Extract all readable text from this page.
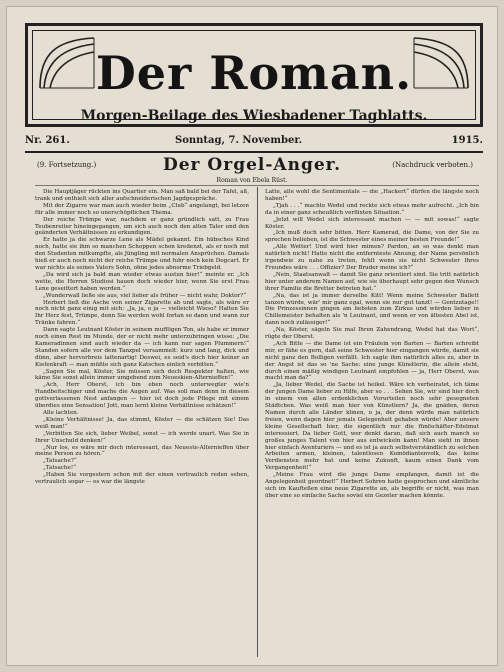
Der Roman.
Morgen-Beilage des Wiesbadener Tagblatts.
Nr. 261.	Sonntag, 7. November.	1915.
(9. Fortsetzung.)	(Nachdruck verboten.)
Der Orgel-Anger.
Roman von Ebela Rüst.

Die Hauptjäger rückten ins Quartier ein. Man saß bald bei der Tafel, aß, trank und enthielt sich aller aufschneiderischen Jagdgespräche.

Mit der Zigarre war man auch wieder beim „Club“ angelangt, bei letzen für alle immer noch so unerschöpflichen Thema.

Der reiche Trümpe war, nachdem er ganz gründlich satt, zu Frau Teubenreiter hineingegangen, um sich auch noch den alten Taler und den geänderten Verhältnissen zu erkundigen.

Er hatte ja die schwarze Lene als Mädel gekannt. Ein hübsches Kind noch, hatte sie ihm so manchen Schoppen schon kredenzt, als er noch mit den Studenten mitkumpfte, als Jüngling mit normalen Ansprüchen. Damals hieß er auch noch nicht der reiche Trümpe und fuhr noch kein Dogcart. Er war nichts als seines Vaters Sohn, ohne jedes abnorme Triebgeld.

„Da wird sich ja bald man wieder etwas austun hier!“ meinte er. „Ich wette, die Herren Studiosi hauen doch wieder hier, wenn Sie erst Frau Lene geseittert haben werden.“

„Wunderwall ließe sie aus, viel lieber als früher — nicht wahr, Doktor?“

Herbert ließ die Asche von seiner Zigarette ab und sagte, als wäre er noch nicht ganz einig mit sich: „Ja, ja, o ja — vielleicht Wieso? Halten Sie Ihr Herz fest, Trümpe, denn Sie werden wohl fortan so dann und wann zur Tränke fahren.“

Dann sagte Leutnant Köster in seinem muffligen Ton, als habe er immer noch einen Rest im Munde, der er nicht mehr unterzubringen wisse: „Die Kameradinnen sind auch wieder da — ich kann nur sagen Plummern!“ Standen sofern alle vor dem Tanzpel versammelt: kurz und lang, dick und dünn, aber hervorbreis lattenartig! Deswei, es seid's doch hier keiner an Kiefenkraft — man müßte sich ganz Katschen einlich verbitten.“

„Sagen Sie mal, Köster, Sie müssen sich doch Respekter halten, wie käme Sie sonst allein immer umgebend zum Neueskien-Alternieffen!“

„Ach, Herr Oberst, ich bin eben noch unterwegter wie'n Handbeitschiger und mache die Augen auf. Was soll man denn in diesem gottverlassenen Nest anfangen — hier ist doch jede Pflege mit einem überdies eine Sensation! Jott, man lernt kleine Verhältnisse schätzen!“

Alle lachten.

„Kleine Verhältnisse! Ja, das stimmt, Köster — die schätzen Sie! Das weiß man!“

„Verbitten Sie sich, lieber Weibel, sonst — ich werde unart. Was Sie in Ihrer Unschuld denken!“

„Nur los, es wäre mir doch interessant, das Neueste-Alternieffen über meine Person zu hören.“

„Tatsache?“

„Tatsache!“

„Haben Sie vorgestern schon mit der einen vertraulich reden sehen, vertraulich sogar — es war die längste

Latte, alle wohl die Sentimentale — die „Hackert“ dürfen die längste noch haben!“

„Tjah . . .“ machte Wedel und reckte sich etwas mehr aufrecht. „Ich bin da in einer ganz scheußlich verflixten Situation.“

„Jetzt will Wedel sich interessant machen — — mit sowas!“ sagte Köster.

„Ich muß doch sehr bitten. Herr Kamerad, die Dame, von der Sie zu sprechen belieben, ist die Schwester eines meiner besten Freunde!“

„Alle Wetter! Und wird hier mimen? Pardon, an so was denkt man natürlich nicht! Hatte nicht die entfernteste Ahnung, der Name persönlich irgendwie zu nahe zu treten, fehlt wenn sie nicht Schwester Ihres Freundes wäre . . . Offizier? Der Bruder meine ich?“

„Nein, Staatsanwalt — damit Sie ganz orientiert sind. Sie tritt natürlich hier unter anderem Namen auf, wie sie überhaupt sehr gegen den Wunsch ihrer Familie die Bretter betreten hat.“

„Na, das ist ja immer derselbe Kitt! Wenn meine Schwester Ballett tanzen würde, wär' mir ganz egal, wenn sie nur gut tanzt! — Gentzutage!! Die Prinzessinnen gingen am liebsten zum Zirkus und würden lieber in Chillemeister behalten als 'n Leutnant, und wenn er von ältesten Abel ist, dann noch zulässiger!“

„Na, Köster, sägeln Sie mal Ihren Zahendrang, Wedel hat das Wort“, rügte der Oberst.

„Ach Bitte — die Dame ist ein Fräulein von Barten — Barten schreibt mir, er fähe es gern, daß seine Schwester hier eingangen würde, damit sie nicht ganz den Bolligen verfällt. Ich sagte ihm natürlich alles zu, aber in der Angst ist das so 'ne Sache: eine junge Künstlerin, die allein steht, durch einen mäßig windigen Leutnant empfohlen — ja, Herr Oberst, was macht man da?“

„Ja, lieber Wedel, die Sache ist heikel. Wäre ich verheiratet, ich täme der jungen Dame lieber zu Hilfe, aber so . . . Sehen Sie, wir sind hier doch in einem von allen erdenklichen Vorurteilen noch sehr gesegneten Städtchen. Was weiß man hier von Künstlern? Ja, die gnäden, deren Namen durch alle Länder klinen, o ja, der denn würde man natürlich freien, wenn dagen hier jemals Gelegenheit gehaben würde! Aber unsere kleine Gesellschaft hier, die eigentlich nur die fünfschäfter-Edelmut interessiert. Da lieber Gott, wer denkt daran, daß sich auch manch so großes junges Talent von hier aus entwickeln kann! Man sieht in ihnen hier einfach Aventuriers — und es ist ja auch selbstverständlich zu solchen Arbeiten armen, kleinen, talentlosen Komödiantenvolk, das keine Verdiensten mehr hat und keine Zukunft, kaum einen Dank vom Vergangenheit!“

„Meine Frau wird die junge Dame empfangen, damit ist die Angelegenheit geordnet!“ Herbert Sohren hatte gesprochen und sämtliche sich im Kaufteßen eine neue Zigarette an, als begriffe er nicht, was man über eine so einfache Sache soviel ein Gezeter machen könnte.
